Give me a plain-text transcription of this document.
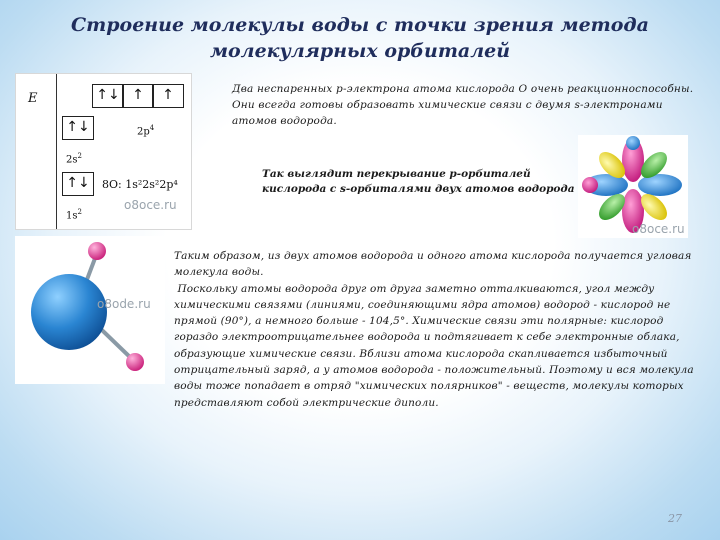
Строение молекулы воды с точки зрения метода
молекулярных орбиталей
E	↑↓ ↑	↑
$2p^4$
↑↓
$2s^2$
↑↓
$1s^2$
8O: 1s²2s²2p⁴
o8oce.ru
Два неспаренных р-электрона атома кислорода О очень реакционноспособны. Они всегда готовы образовать химические связи с двумя s-электронами атомов водорода.
Так выглядит перекрывание р-орбиталей
кислорода с s-орбиталями двух атомов водорода
o8oce.ru
o8ode.ru

Таким образом, из двух атомов водорода и одного атома кислорода получается угловая молекула воды.

Поскольку атомы водорода друг от друга заметно отталкиваются, угол между химическими связями (линиями, соединяющими ядра атомов) водород - кислород не прямой (90°), а немного больше - 104,5°. Химические связи эти полярные: кислород гораздо электроотрицательнее водорода и подтягивает к себе электронные облака, образующие химические связи. Вблизи атома кислорода скапливается избыточный отрицательный заряд, а у атомов водорода - положительный. Поэтому и вся молекула воды тоже попадает в отряд "химических полярников" - веществ, молекулы которых представляют собой электрические диполи.

27
